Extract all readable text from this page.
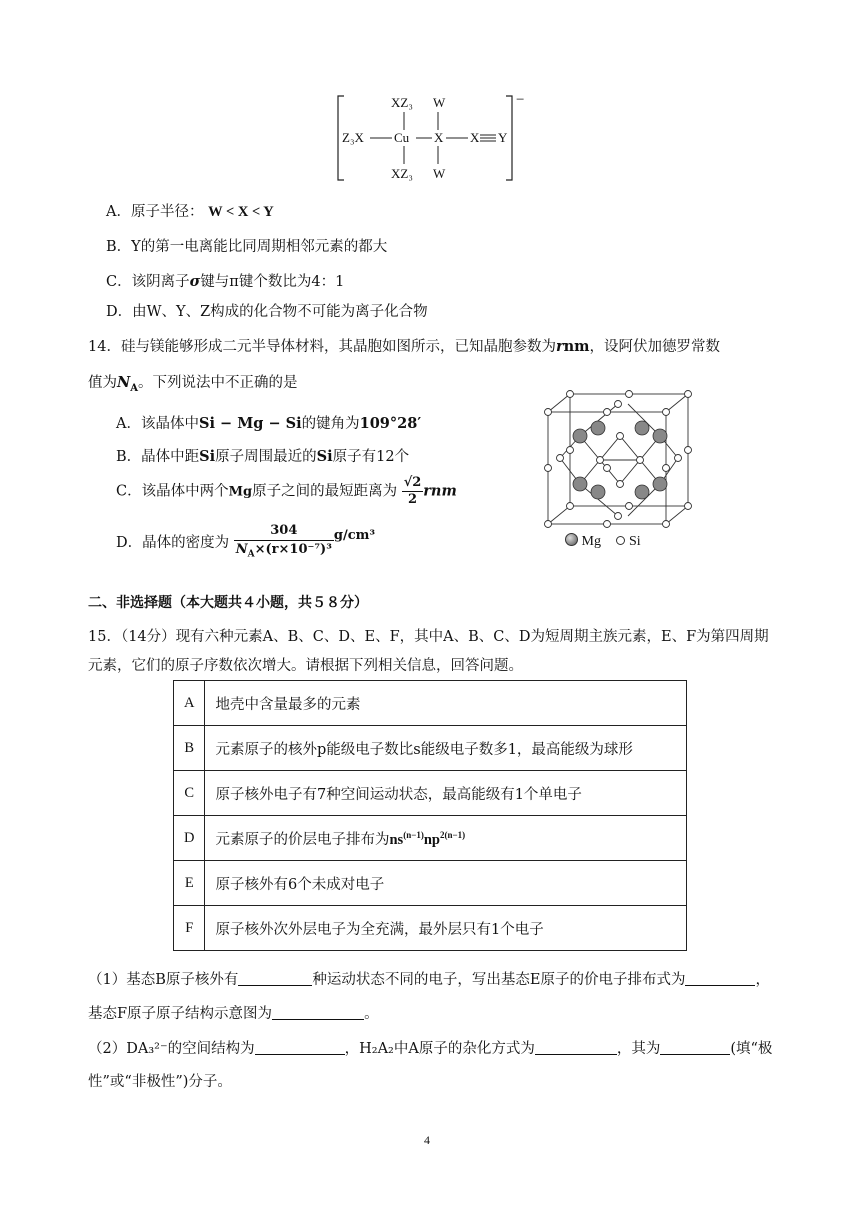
XZ₃ W
Z₃X Cu X X Y
XZ₃ W
−
A．原子半径： W < X < Y
B．Y的第一电离能比同周期相邻元素的都大
C．该阴离子σ键与π键个数比为4：1
D．由W、Y、Z构成的化合物不可能为离子化合物
14．硅与镁能够形成二元半导体材料，其晶胞如图所示，已知晶胞参数为rnm，设阿伏加德罗常数
值为$N_A$。下列说法中不正确的是
A．该晶体中Si − Mg − Si的键角为109°28′
B．晶体中距Si原子周围最近的Si原子有12个
C．该晶体中两个Mg原子之间的最短距离为 $\frac{√2}{2}$ rnm
D．晶体的密度为 $\frac{304}{N_A\times(r\times 10^{-7})^3} g/cm^3$	Mg Si
二、非选择题（本大题共４小题，共５８分）
15．（14分）现有六种元素A、B、C、D、E、F，其中A、B、C、D为短周期主族元素，E、F为第四周期
元素，它们的原子序数依次增大。请根据下列相关信息，回答问题。
A	地壳中含量最多的元素
B	元素原子的核外p能级电子数比s能级电子数多1，最高能级为球形
C	原子核外电子有7种空间运动状态，最高能级有1个单电子
D	元素原子的价层电子排布为$ns^{(n-1)}np^{2(n-1)}$
E	原子核外有6个未成对电子
F	原子核外次外层电子为全充满，最外层只有1个电子
（1）基态B原子核外有	种运动状态不同的电子，写出基态E原子的价电子排布式为	，
基态F原子原子结构示意图为	。
（2）DA₃²⁻的空间结构为	，H₂A₂中A原子的杂化方式为	，其为	(填“极
性”或“非极性”)分子。
4
